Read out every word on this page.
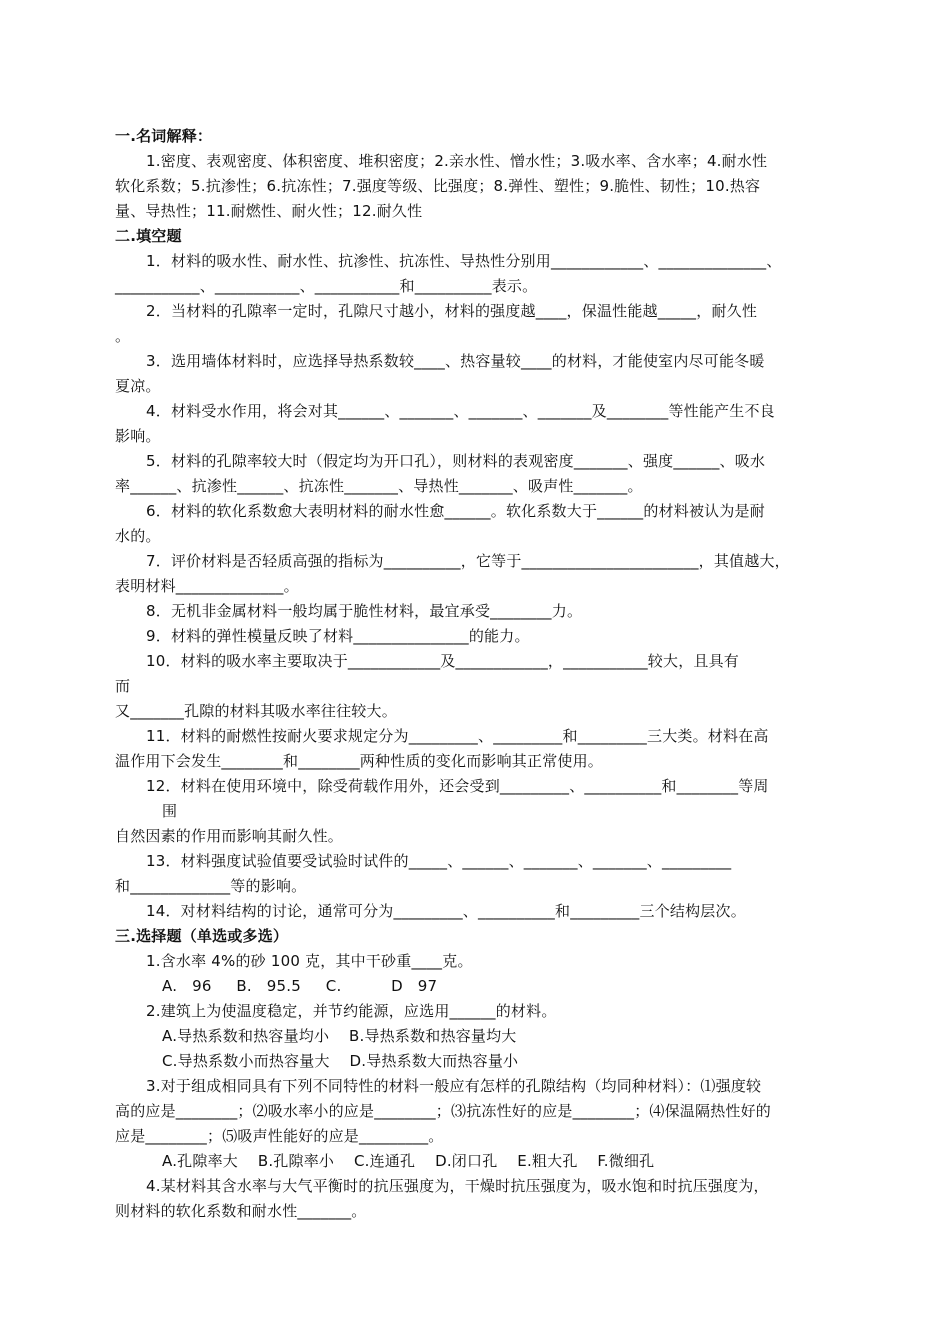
一.名词解释：
1.密度、表观密度、体积密度、堆积密度；2.亲水性、憎水性；3.吸水率、含水率；4.耐水性
软化系数；5.抗渗性；6.抗冻性；7.强度等级、比强度；8.弹性、塑性；9.脆性、韧性；10.热容
量、导热性；11.耐燃性、耐火性；12.耐久性
二.填空题
1．材料的吸水性、耐水性、抗渗性、抗冻性、导热性分别用____________、______________、
___________、___________、___________和__________表示。
2．当材料的孔隙率一定时，孔隙尺寸越小，材料的强度越____，保温性能越_____，耐久性
。
3．选用墙体材料时，应选择导热系数较____、热容量较____的材料，才能使室内尽可能冬暖
夏凉。
4．材料受水作用，将会对其______、_______、_______、_______及________等性能产生不良
影响。
5．材料的孔隙率较大时（假定均为开口孔），则材料的表观密度_______、强度______、吸水
率______、抗渗性______、抗冻性_______、导热性_______、吸声性_______。
6．材料的软化系数愈大表明材料的耐水性愈______。软化系数大于______的材料被认为是耐
水的。
7．评价材料是否轻质高强的指标为__________，它等于_______________________，其值越大，
表明材料______________。
8．无机非金属材料一般均属于脆性材料，最宜承受________力。
9．材料的弹性模量反映了材料_______________的能力。
10．材料的吸水率主要取决于____________及____________，___________较大，且具有
而
又_______孔隙的材料其吸水率往往较大。
11．材料的耐燃性按耐火要求规定分为_________、_________和_________三大类。材料在高
温作用下会发生________和________两种性质的变化而影响其正常使用。
12．材料在使用环境中，除受荷载作用外，还会受到_________、__________和________等周
围
自然因素的作用而影响其耐久性。
13．材料强度试验值要受试验时试件的_____、______、_______、_______、_________
和_____________等的影响。
14．对材料结构的讨论，通常可分为_________、__________和_________三个结构层次。
三.选择题（单选或多选）
1.含水率 4%的砂 100 克，其中干砂重____克。
A.   96     B.   95.5     C.          D   97
2.建筑上为使温度稳定，并节约能源，应选用______的材料。
A.导热系数和热容量均小    B.导热系数和热容量均大
C.导热系数小而热容量大    D.导热系数大而热容量小
3.对于组成相同具有下列不同特性的材料一般应有怎样的孔隙结构（均同种材料）：⑴强度较
高的应是________；⑵吸水率小的应是________；⑶抗冻性好的应是________；⑷保温隔热性好的
应是________；⑸吸声性能好的应是_________。
A.孔隙率大    B.孔隙率小    C.连通孔    D.闭口孔    E.粗大孔    F.微细孔
4.某材料其含水率与大气平衡时的抗压强度为，干燥时抗压强度为，吸水饱和时抗压强度为，
则材料的软化系数和耐水性_______。
